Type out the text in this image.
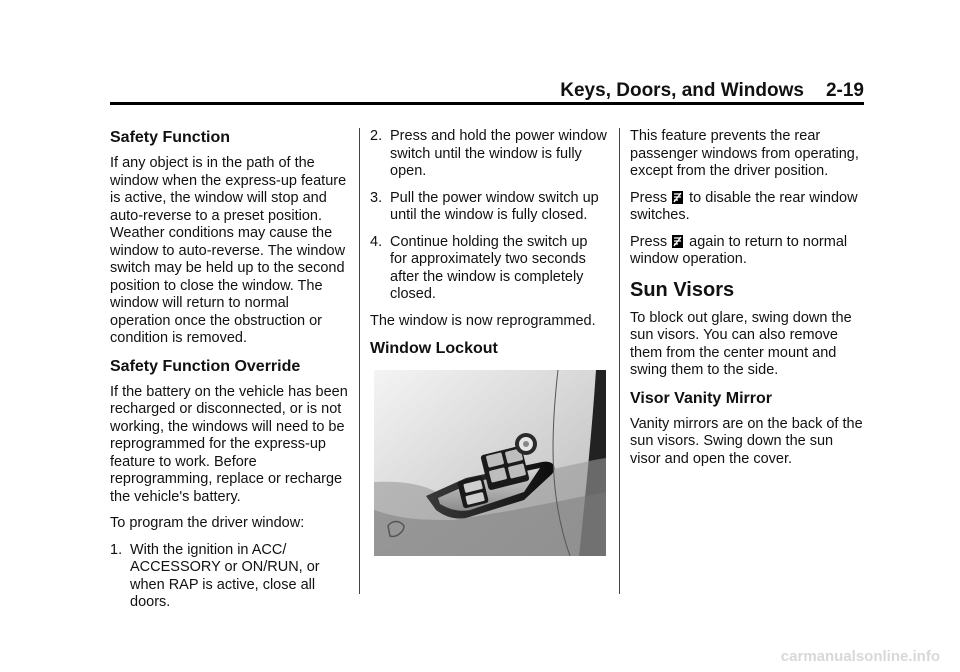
Keys, Doors, and Windows 2-19
Safety Function

If any object is in the path of the window when the express-up feature is active, the window will stop and auto-reverse to a preset position. Weather conditions may cause the window to auto-reverse. The window switch may be held up to the second position to close the window. The window will return to normal operation once the obstruction or condition is removed.

Safety Function Override

If the battery on the vehicle has been recharged or disconnected, or is not working, the windows will need to be reprogrammed for the express-up feature to work. Before reprogramming, replace or recharge the vehicle's battery.

To program the driver window:

1. With the ignition in ACC/ ACCESSORY or ON/RUN, or when RAP is active, close all doors.
2. Press and hold the power window switch until the window is fully open.
3. Pull the power window switch up until the window is fully closed.
4. Continue holding the switch up for approximately two seconds after the window is completely closed.

The window is now reprogrammed.

Window Lockout

This feature prevents the rear passenger windows from operating, except from the driver position.

Press to disable the rear window switches.

Press again to return to normal window operation.

Sun Visors

To block out glare, swing down the sun visors. You can also remove them from the center mount and swing them to the side.

Visor Vanity Mirror

Vanity mirrors are on the back of the sun visors. Swing down the sun visor and open the cover.

carmanualsonline.info
